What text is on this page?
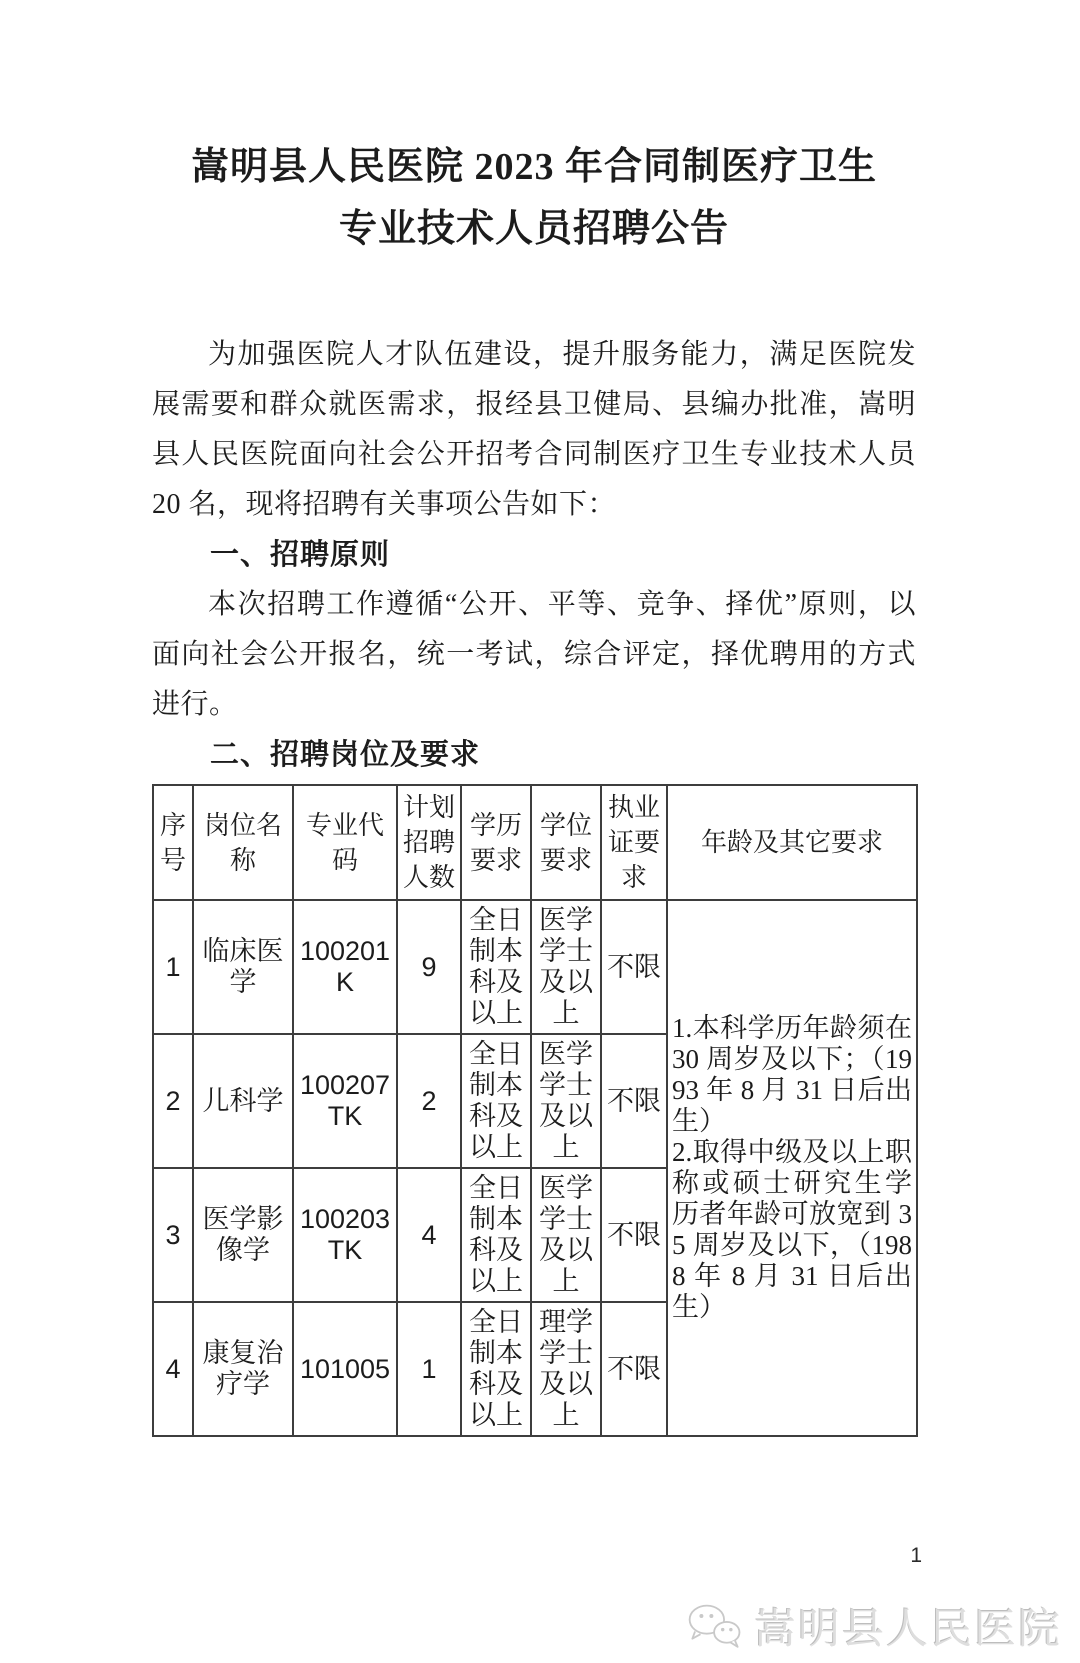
嵩明县人民医院 2023 年合同制医疗卫生
专业技术人员招聘公告

为加强医院人才队伍建设，提升服务能力，满足医院发展需要和群众就医需求，报经县卫健局、县编办批准，嵩明县人民医院面向社会公开招考合同制医疗卫生专业技术人员 20 名，现将招聘有关事项公告如下：

一、招聘原则

本次招聘工作遵循“公开、平等、竞争、择优”原则，以面向社会公开报名，统一考试，综合评定，择优聘用的方式进行。

二、招聘岗位及要求
序号	岗位名称	专业代码	计划招聘人数	学历要求	学位要求	执业证要求	年龄及其它要求
1	临床医学	100201K	9	全日制本科及以上	医学学士及以上	不限	1.本科学历年龄须在 30 周岁及以下；（1993 年 8 月 31 日后出生）
2.取得中级及以上职称或硕士研究生学历者年龄可放宽到 35 周岁及以下，（1988 年 8 月 31 日后出生）

2	儿科学	100207TK	2	全日制本科及以上	医学学士及以上	不限	
3	医学影像学	100203TK	4	全日制本科及以上	医学学士及以上	不限	
4	康复治疗学	101005	1	全日制本科及以上	理学学士及以上	不限	
1
嵩明县人民医院
